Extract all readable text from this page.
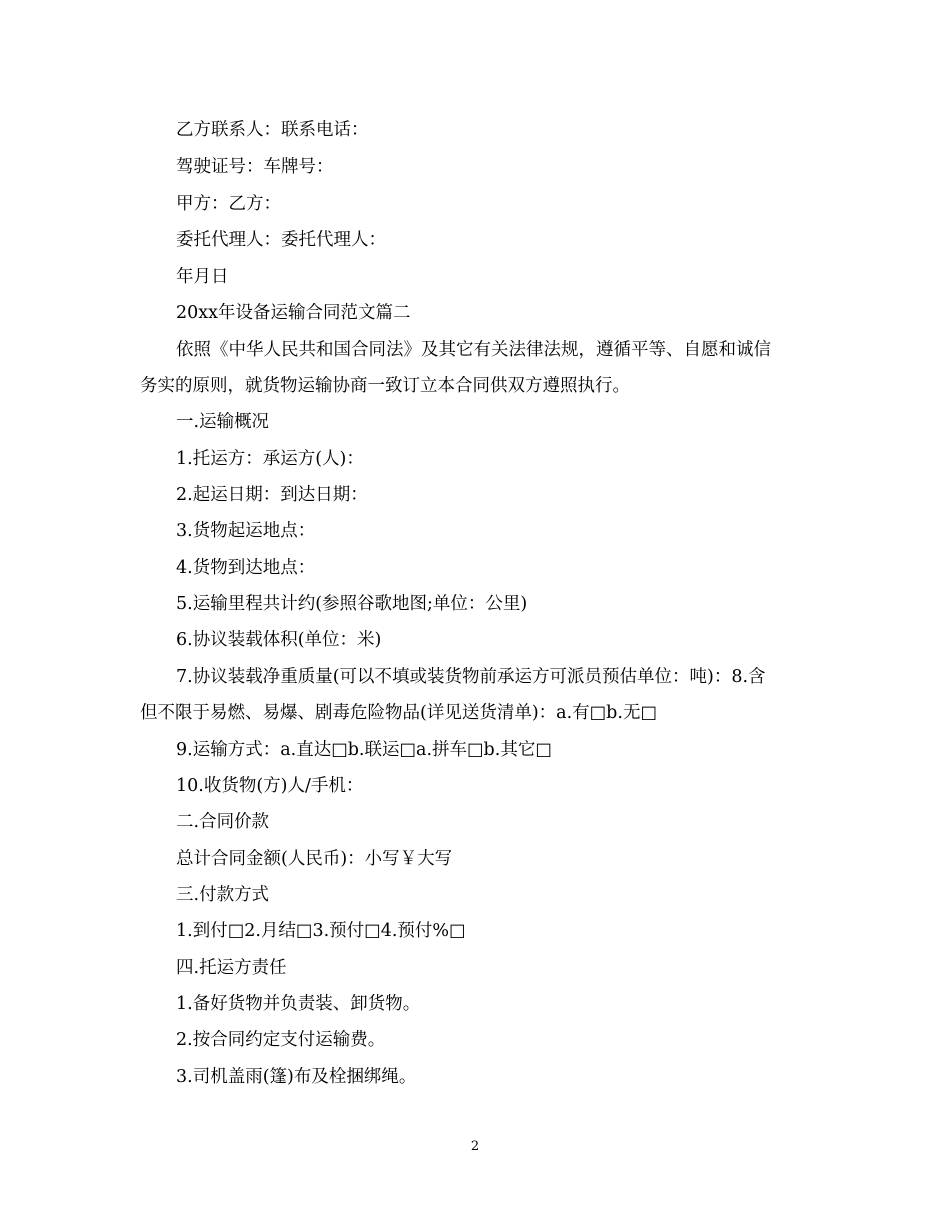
乙方联系人：联系电话：
驾驶证号：车牌号：
甲方：乙方：
委托代理人：委托代理人：
年月日
20xx年设备运输合同范文篇二
依照《中华人民共和国合同法》及其它有关法律法规，遵循平等、自愿和诚信
务实的原则，就货物运输协商一致订立本合同供双方遵照执行。
一.运输概况
1.托运方：承运方(人)：
2.起运日期：到达日期：
3.货物起运地点：
4.货物到达地点：
5.运输里程共计约(参照谷歌地图;单位：公里)
6.协议装载体积(单位：米)
7.协议装载净重质量(可以不填或装货物前承运方可派员预估单位：吨)：8.含
但不限于易燃、易爆、剧毒危险物品(详见送货清单)：a.有□b.无□
9.运输方式：a.直达□b.联运□a.拼车□b.其它□
10.收货物(方)人/手机：
二.合同价款
总计合同金额(人民币)：小写￥大写
三.付款方式
1.到付□2.月结□3.预付□4.预付%□
四.托运方责任
1.备好货物并负责装、卸货物。
2.按合同约定支付运输费。
3.司机盖雨(篷)布及栓捆绑绳。
2
